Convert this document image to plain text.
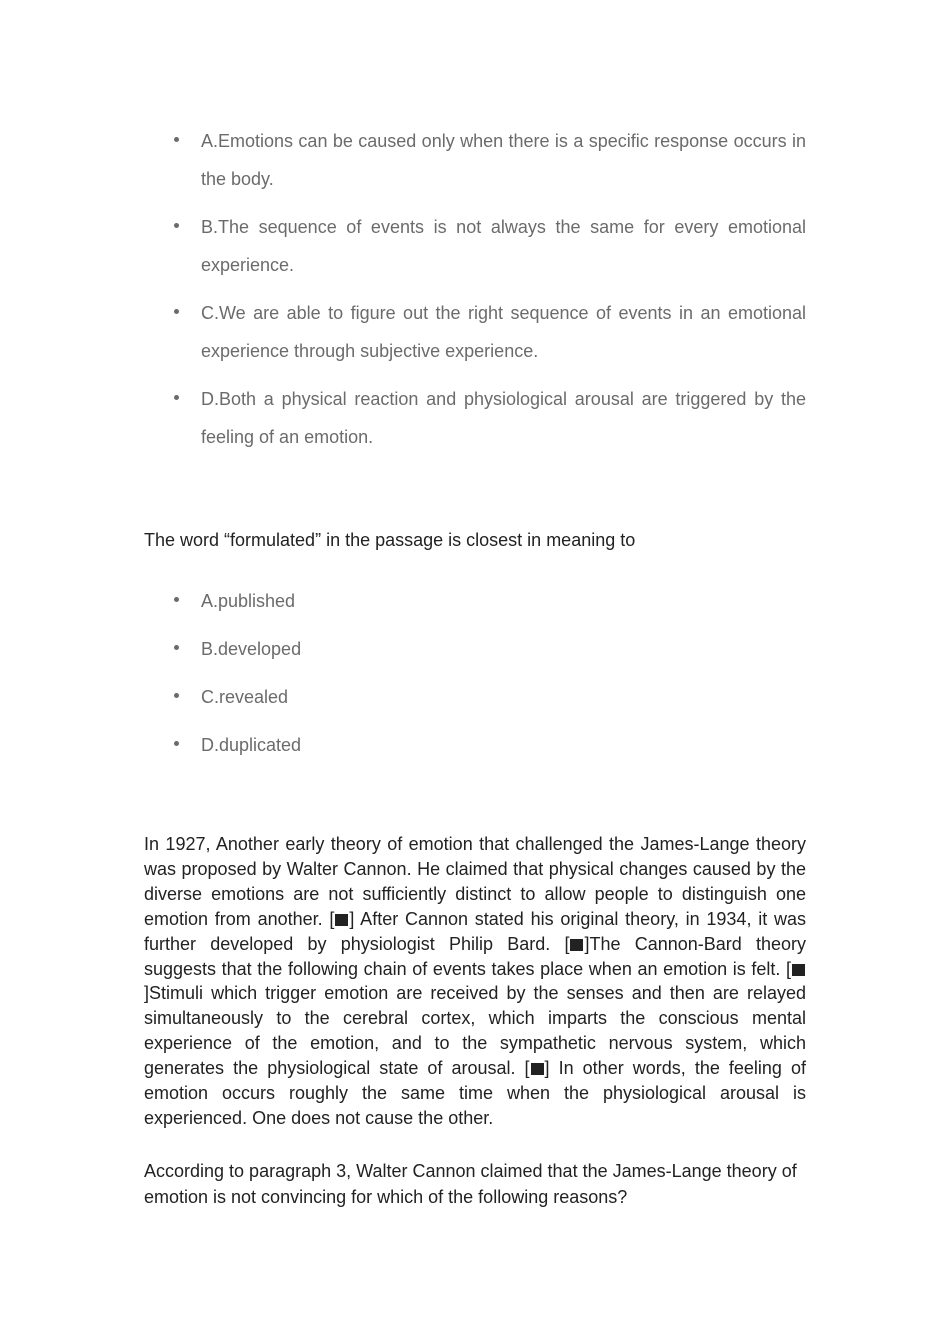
A.Emotions can be caused only when there is a specific response occurs in the body.
B.The sequence of events is not always the same for every emotional experience.
C.We are able to figure out the right sequence of events in an emotional experience through subjective experience.
D.Both a physical reaction and physiological arousal are triggered by the feeling of an emotion.
The word “formulated” in the passage is closest in meaning to
A.published
B.developed
C.revealed
D.duplicated

In 1927, Another early theory of emotion that challenged the James-Lange theory was proposed by Walter Cannon. He claimed that physical changes caused by the diverse emotions are not sufficiently distinct to allow people to distinguish one emotion from another. [ ] After Cannon stated his original theory, in 1934, it was further developed by physiologist Philip Bard. [ ]The Cannon-Bard theory suggests that the following chain of events takes place when an emotion is felt. []Stimuli which trigger emotion are received by the senses and then are relayed simultaneously to the cerebral cortex, which imparts the conscious mental experience of the emotion, and to the sympathetic nervous system, which generates the physiological state of arousal. [ ] In other words, the feeling of emotion occurs roughly the same time when the physiological arousal is experienced. One does not cause the other.

According to paragraph 3, Walter Cannon claimed that the James-Lange theory of emotion is not convincing for which of the following reasons?
